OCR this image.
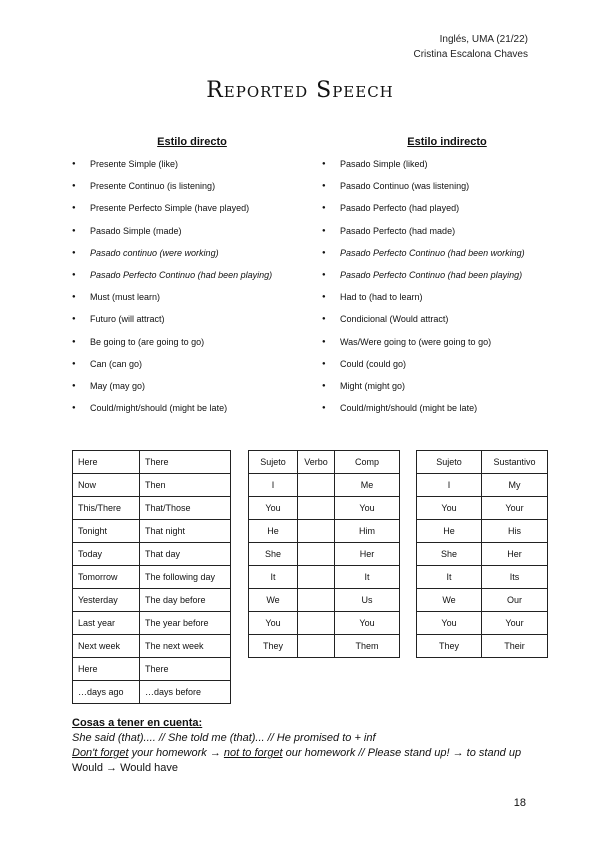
Inglés, UMA (21/22)
Cristina Escalona Chaves
Reported Speech
Estilo directo
● Presente Simple (like)
● Presente Continuo (is listening)
● Presente Perfecto Simple (have played)
● Pasado Simple (made)
● Pasado continuo (were working)
● Pasado Perfecto Continuo (had been playing)
● Must (must learn)
● Futuro (will attract)
● Be going to (are going to go)
● Can (can go)
● May (may go)
● Could/might/should (might be late)
Estilo indirecto
● Pasado Simple (liked)
● Pasado Continuo (was listening)
● Pasado Perfecto (had played)
● Pasado Perfecto (had made)
● Pasado Perfecto Continuo (had been working)
● Pasado Perfecto Continuo (had been playing)
● Had to (had to learn)
● Condicional (Would attract)
● Was/Were going to (were going to go)
● Could (could go)
● Might (might go)
● Could/might/should (might be late)
Here	There
Now	Then
This/There	That/Those
Tonight	That night
Today	That day
Tomorrow	The following day
Yesterday	The day before
Last year	The year before
Next week	The next week
Here	There
…days ago	…days before
Sujeto	Verbo	Comp
I		Me
You		You
He		Him
She		Her
It		It
We		Us
You		You
They		Them
Sujeto	Sustantivo
I	My
You	Your
He	His
She	Her
It	Its
We	Our
You	Your
They	Their
Cosas a tener en cuenta:
She said (that).... // She told me (that)... // He promised to + inf
Don't forget your homework → not to forget our homework // Please stand up! → to stand up
Would → Would have
18
